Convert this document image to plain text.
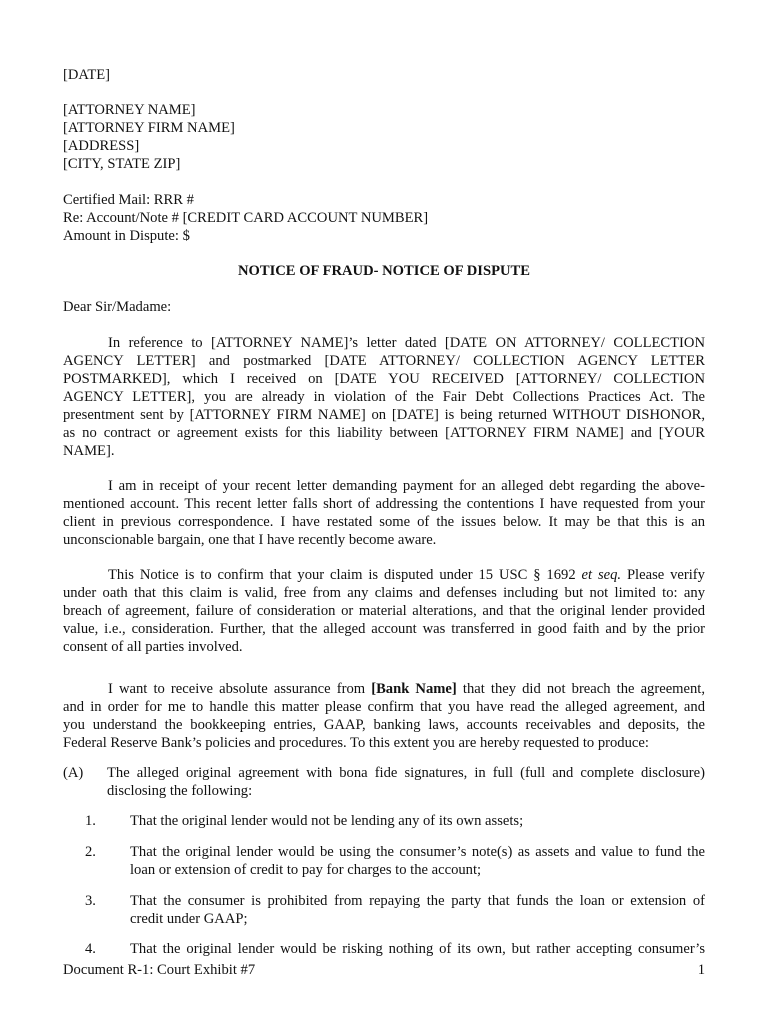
[DATE]
[ATTORNEY NAME]
[ATTORNEY FIRM NAME]
[ADDRESS]
[CITY, STATE ZIP]
Certified Mail: RRR #
Re: Account/Note # [CREDIT CARD ACCOUNT NUMBER]
Amount in Dispute: $
NOTICE OF FRAUD- NOTICE OF DISPUTE
Dear Sir/Madame:
In reference to [ATTORNEY NAME]’s letter dated [DATE ON ATTORNEY/ COLLECTION
AGENCY LETTER] and postmarked [DATE ATTORNEY/ COLLECTION AGENCY LETTER
POSTMARKED], which I received on [DATE YOU RECEIVED [ATTORNEY/ COLLECTION
AGENCY LETTER], you are already in violation of the Fair Debt Collections Practices Act. The
presentment sent by [ATTORNEY FIRM NAME] on [DATE] is being returned WITHOUT DISHONOR,
as no contract or agreement exists for this liability between [ATTORNEY FIRM NAME] and [YOUR
NAME].
I am in receipt of your recent letter demanding payment for an alleged debt regarding the above-
mentioned account. This recent letter falls short of addressing the contentions I have requested from your
client in previous correspondence. I have restated some of the issues below. It may be that this is an
unconscionable bargain, one that I have recently become aware.
This Notice is to confirm that your claim is disputed under 15 USC § 1692 et seq. Please verify
under oath that this claim is valid, free from any claims and defenses including but not limited to: any
breach of agreement, failure of consideration or material alterations, and that the original lender provided
value, i.e., consideration. Further, that the alleged account was transferred in good faith and by the prior
consent of all parties involved.
I want to receive absolute assurance from [Bank Name] that they did not breach the agreement,
and in order for me to handle this matter please confirm that you have read the alleged agreement, and
you understand the bookkeeping entries, GAAP, banking laws, accounts receivables and deposits, the
Federal Reserve Bank’s policies and procedures. To this extent you are hereby requested to produce:
(A)	The alleged original agreement with bona fide signatures, in full (full and complete disclosure)
disclosing the following:
1. That the original lender would not be lending any of its own assets;
2. That the original lender would be using the consumer’s note(s) as assets and value to fund the
loan or extension of credit to pay for charges to the account;
3. That the consumer is prohibited from repaying the party that funds the loan or extension of
credit under GAAP;
4. That the original lender would be risking nothing of its own, but rather accepting consumer’s
Document R-1: Court Exhibit #7	1
